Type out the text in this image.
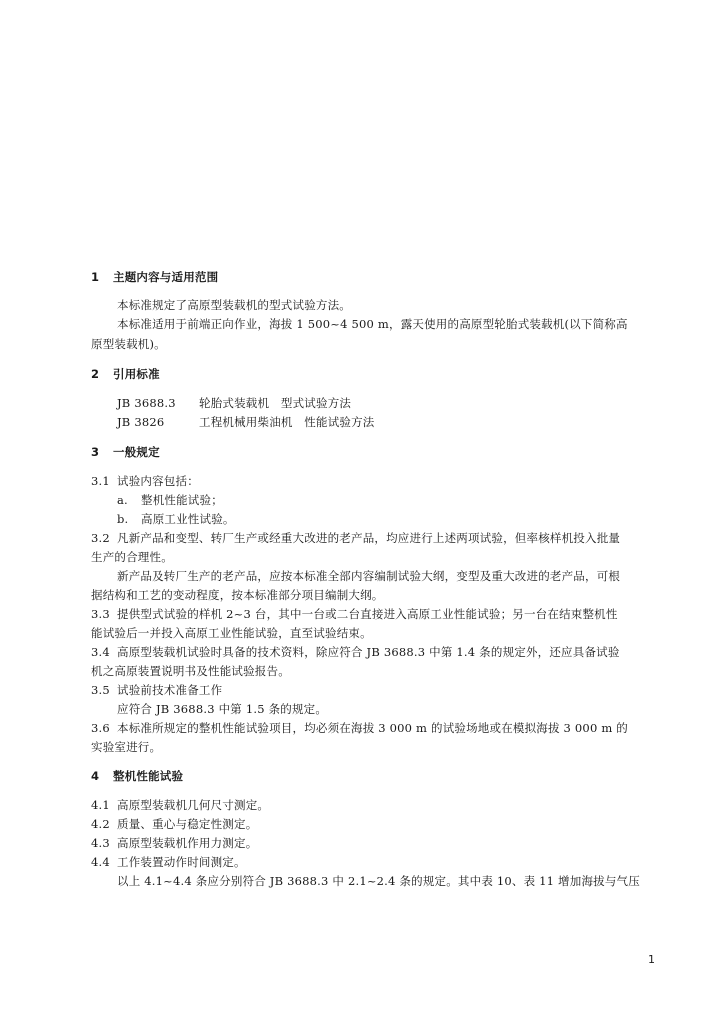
1 主题内容与适用范围
本标准规定了高原型装载机的型式试验方法。
本标准适用于前端正向作业，海拔 1 500~4 500 m，露天使用的高原型轮胎式装载机(以下简称高
原型装载机)。
2 引用标准
JB 3688.3 轮胎式装载机　型式试验方法
JB 3826	工程机械用柴油机　性能试验方法
3 一般规定
3.1 试验内容包括：
a. 整机性能试验；
b. 高原工业性试验。
3.2 凡新产品和变型、转厂生产或经重大改进的老产品，均应进行上述两项试验，但率核样机投入批量
生产的合理性。
新产品及转厂生产的老产品，应按本标准全部内容编制试验大纲，变型及重大改进的老产品，可根
据结构和工艺的变动程度，按本标准部分项目编制大纲。
3.3 提供型式试验的样机 2~3 台，其中一台或二台直接进入高原工业性能试验；另一台在结束整机性
能试验后一并投入高原工业性能试验，直至试验结束。
3.4 高原型装载机试验时具备的技术资料，除应符合 JB 3688.3 中第 1.4 条的规定外，还应具备试验
机之高原装置说明书及性能试验报告。
3.5 试验前技术准备工作
应符合 JB 3688.3 中第 1.5 条的规定。
3.6 本标准所规定的整机性能试验项目，均必须在海拔 3 000 m 的试验场地或在模拟海拔 3 000 m 的
实验室进行。
4 整机性能试验
4.1 高原型装载机几何尺寸测定。
4.2 质量、重心与稳定性测定。
4.3 高原型装载机作用力测定。
4.4 工作装置动作时间测定。
以上 4.1~4.4 条应分别符合 JB 3688.3 中 2.1~2.4 条的规定。其中表 10、表 11 增加海拔与气压
1
